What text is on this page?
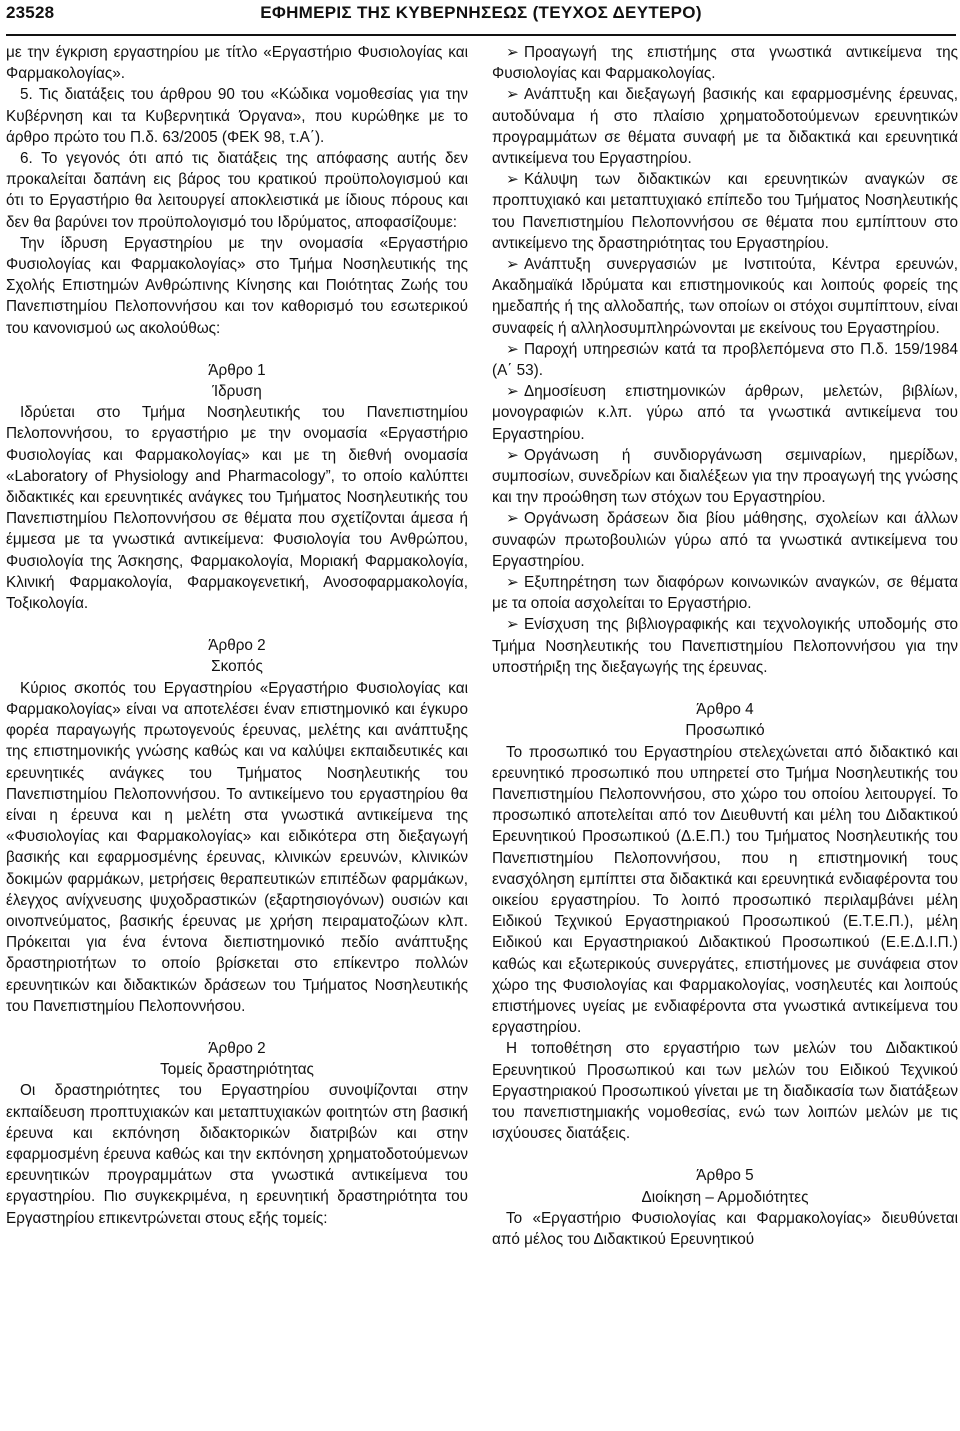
23528	ΕΦΗΜΕΡΙΣ ΤΗΣ ΚΥΒΕΡΝΗΣΕΩΣ (ΤΕΥΧΟΣ ΔΕΥΤΕΡΟ)

με την έγκριση εργαστηρίου με τίτλο «Εργαστήριο Φυσιολογίας και Φαρμακολογίας».

5. Τις διατάξεις του άρθρου 90 του «Κώδικα νομοθεσίας για την Κυβέρνηση και τα Κυβερνητικά Όργανα», που κυρώθηκε με το άρθρο πρώτο του Π.δ. 63/2005 (ΦΕΚ 98, τ.Α΄).

6. Το γεγονός ότι από τις διατάξεις της απόφασης αυτής δεν προκαλείται δαπάνη εις βάρος του κρατικού προϋπολογισμού και ότι το Εργαστήριο θα λειτουργεί αποκλειστικά με ίδιους πόρους και δεν θα βαρύνει τον προϋπολογισμό του Ιδρύματος, αποφασίζουμε:

Την ίδρυση Εργαστηρίου με την ονομασία «Εργαστήριο Φυσιολογίας και Φαρμακολογίας» στο Τμήμα Νοσηλευτικής της Σχολής Επιστημών Ανθρώπινης Κίνησης και Ποιότητας Ζωής του Πανεπιστημίου Πελοποννήσου και τον καθορισμό του εσωτερικού του κανονισμού ως ακολούθως:

Άρθρο 1

Ίδρυση

Ιδρύεται στο Τμήμα Νοσηλευτικής του Πανεπιστημίου Πελοποννήσου, το εργαστήριο με την ονομασία «Εργαστήριο Φυσιολογίας και Φαρμακολογίας» και με τη διεθνή ονομασία «Laboratory of Physiology and Pharmacology”, το οποίο καλύπτει διδακτικές και ερευνητικές ανάγκες του Τμήματος Νοσηλευτικής του Πανεπιστημίου Πελοποννήσου σε θέματα που σχετίζονται άμεσα ή έμμεσα με τα γνωστικά αντικείμενα: Φυσιολογία του Ανθρώπου, Φυσιολογία της Άσκησης, Φαρμακολογία, Μοριακή Φαρμακολογία, Κλινική Φαρμακολογία, Φαρμακογενετική, Ανοσοφαρμακολογία, Τοξικολογία.

Άρθρο 2

Σκοπός

Κύριος σκοπός του Εργαστηρίου «Εργαστήριο Φυσιολογίας και Φαρμακολογίας» είναι να αποτελέσει έναν επιστημονικό και έγκυρο φορέα παραγωγής πρωτογενούς έρευνας, μελέτης και ανάπτυξης της επιστημονικής γνώσης καθώς και να καλύψει εκπαιδευτικές και ερευνητικές ανάγκες του Τμήματος Νοσηλευτικής του Πανεπιστημίου Πελοποννήσου. Το αντικείμενο του εργαστηρίου θα είναι η έρευνα και η μελέτη στα γνωστικά αντικείμενα της «Φυσιολογίας και Φαρμακολογίας» και ειδικότερα στη διεξαγωγή βασικής και εφαρμοσμένης έρευνας, κλινικών ερευνών, κλινικών δοκιμών φαρμάκων, μετρήσεις θεραπευτικών επιπέδων φαρμάκων, έλεγχος ανίχνευσης ψυχοδραστικών (εξαρτησιογόνων) ουσιών και οινοπνεύματος, βασικής έρευνας με χρήση πειραματοζώων κλπ. Πρόκειται για ένα έντονα διεπιστημονικό πεδίο ανάπτυξης δραστηριοτήτων το οποίο βρίσκεται στο επίκεντρο πολλών ερευνητικών και διδακτικών δράσεων του Τμήματος Νοσηλευτικής του Πανεπιστημίου Πελοποννήσου.

Άρθρο 2

Τομείς δραστηριότητας

Οι δραστηριότητες του Εργαστηρίου συνοψίζονται στην εκπαίδευση προπτυχιακών και μεταπτυχιακών φοιτητών στη βασική έρευνα και εκπόνηση διδακτορικών διατριβών και στην εφαρμοσμένη έρευνα καθώς και την εκπόνηση χρηματοδοτούμενων ερευνητικών προγραμμάτων στα γνωστικά αντικείμενα του εργαστηρίου. Πιο συγκεκριμένα, η ερευνητική δραστηριότητα του Εργαστηρίου επικεντρώνεται στους εξής τομείς:

➢ Προαγωγή της επιστήμης στα γνωστικά αντικείμενα της Φυσιολογίας και Φαρμακολογίας.

➢ Ανάπτυξη και διεξαγωγή βασικής και εφαρμοσμένης έρευνας, αυτοδύναμα ή στο πλαίσιο χρηματοδοτούμενων ερευνητικών προγραμμάτων σε θέματα συναφή με τα διδακτικά και ερευνητικά αντικείμενα του Εργαστηρίου.

➢ Κάλυψη των διδακτικών και ερευνητικών αναγκών σε προπτυχιακό και μεταπτυχιακό επίπεδο του Τμήματος Νοσηλευτικής του Πανεπιστημίου Πελοποννήσου σε θέματα που εμπίπτουν στο αντικείμενο της δραστηριότητας του Εργαστηρίου.

➢ Ανάπτυξη συνεργασιών με Ινστιτούτα, Κέντρα ερευνών, Ακαδημαϊκά Ιδρύματα και επιστημονικούς και λοιπούς φορείς της ημεδαπής ή της αλλοδαπής, των οποίων οι στόχοι συμπίπτουν, είναι συναφείς ή αλληλοσυμπληρώνονται με εκείνους του Εργαστηρίου.

➢ Παροχή υπηρεσιών κατά τα προβλεπόμενα στο Π.δ. 159/1984 (Α΄ 53).

➢ Δημοσίευση επιστημονικών άρθρων, μελετών, βιβλίων, μονογραφιών κ.λπ. γύρω από τα γνωστικά αντικείμενα του Εργαστηρίου.

➢ Οργάνωση ή συνδιοργάνωση σεμιναρίων, ημερίδων, συμποσίων, συνεδρίων και διαλέξεων για την προαγωγή της γνώσης και την προώθηση των στόχων του Εργαστηρίου.

➢ Οργάνωση δράσεων δια βίου μάθησης, σχολείων και άλλων συναφών πρωτοβουλιών γύρω από τα γνωστικά αντικείμενα του Εργαστηρίου.

➢ Εξυπηρέτηση των διαφόρων κοινωνικών αναγκών, σε θέματα με τα οποία ασχολείται το Εργαστήριο.

➢ Ενίσχυση της βιβλιογραφικής και τεχνολογικής υποδομής στο Τμήμα Νοσηλευτικής του Πανεπιστημίου Πελοποννήσου για την υποστήριξη της διεξαγωγής της έρευνας.

Άρθρο 4

Προσωπικό

Το προσωπικό του Εργαστηρίου στελεχώνεται από διδακτικό και ερευνητικό προσωπικό που υπηρετεί στο Τμήμα Νοσηλευτικής του Πανεπιστημίου Πελοποννήσου, στο χώρο του οποίου λειτουργεί. Το προσωπικό αποτελείται από τον Διευθυντή και μέλη του Διδακτικού Ερευνητικού Προσωπικού (Δ.Ε.Π.) του Τμήματος Νοσηλευτικής του Πανεπιστημίου Πελοποννήσου, που η επιστημονική τους ενασχόληση εμπίπτει στα διδακτικά και ερευνητικά ενδιαφέροντα του οικείου εργαστηρίου. Το λοιπό προσωπικό περιλαμβάνει μέλη Ειδικού Τεχνικού Εργαστηριακού Προσωπικού (Ε.Τ.Ε.Π.), μέλη Ειδικού και Εργαστηριακού Διδακτικού Προσωπικού (Ε.Ε.Δ.Ι.Π.) καθώς και εξωτερικούς συνεργάτες, επιστήμονες με συνάφεια στον χώρο της Φυσιολογίας και Φαρμακολογίας, νοσηλευτές και λοιπούς επιστήμονες υγείας με ενδιαφέροντα στα γνωστικά αντικείμενα του εργαστηρίου.

Η τοποθέτηση στο εργαστήριο των μελών του Διδακτικού Ερευνητικού Προσωπικού και των μελών του Ειδικού Τεχνικού Εργαστηριακού Προσωπικού γίνεται με τη διαδικασία των διατάξεων του πανεπιστημιακής νομοθεσίας, ενώ των λοιπών μελών με τις ισχύουσες διατάξεις.

Άρθρο 5

Διοίκηση – Αρμοδιότητες

Το «Εργαστήριο Φυσιολογίας και Φαρμακολογίας» διευθύνεται από μέλος του Διδακτικού Ερευνητικού
